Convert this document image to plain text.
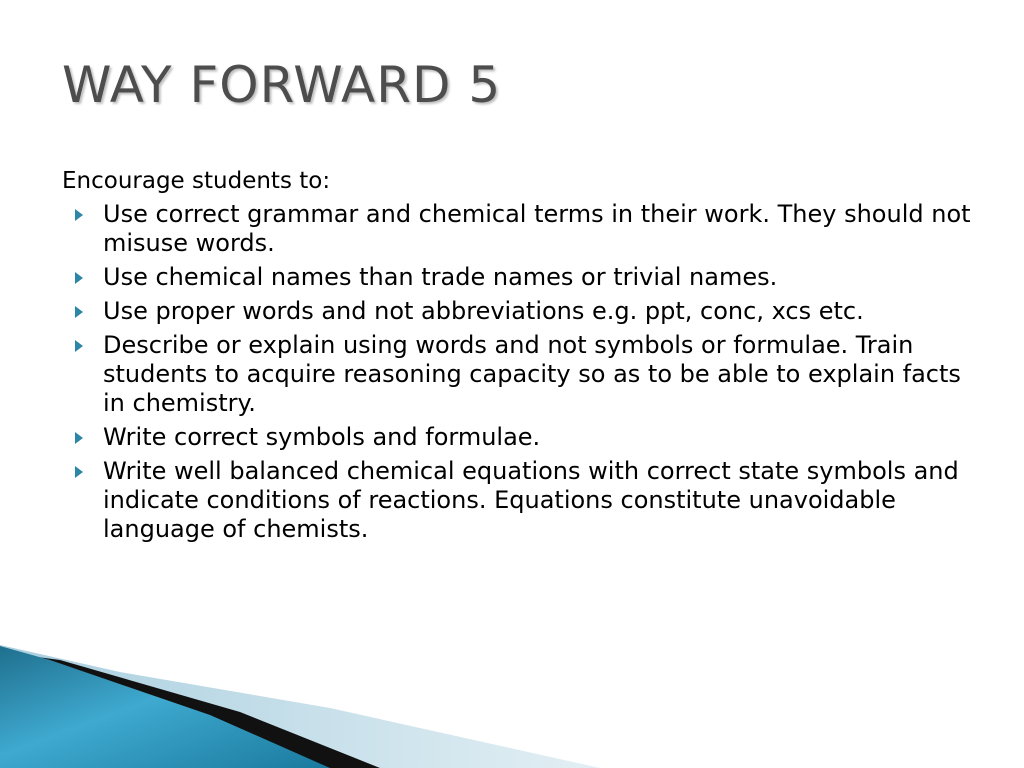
WAY FORWARD 5

Encourage students to:

Use correct grammar and chemical terms in their work. They should not misuse words.
Use chemical names than trade names or trivial names.
Use proper words and not abbreviations e.g. ppt, conc, xcs etc.
Describe or explain using words and not symbols or formulae. Train students to acquire reasoning capacity so as to be able to explain facts in chemistry.
Write correct symbols and formulae.
Write well balanced chemical equations with correct state symbols and indicate conditions of reactions. Equations constitute unavoidable language of chemists.
